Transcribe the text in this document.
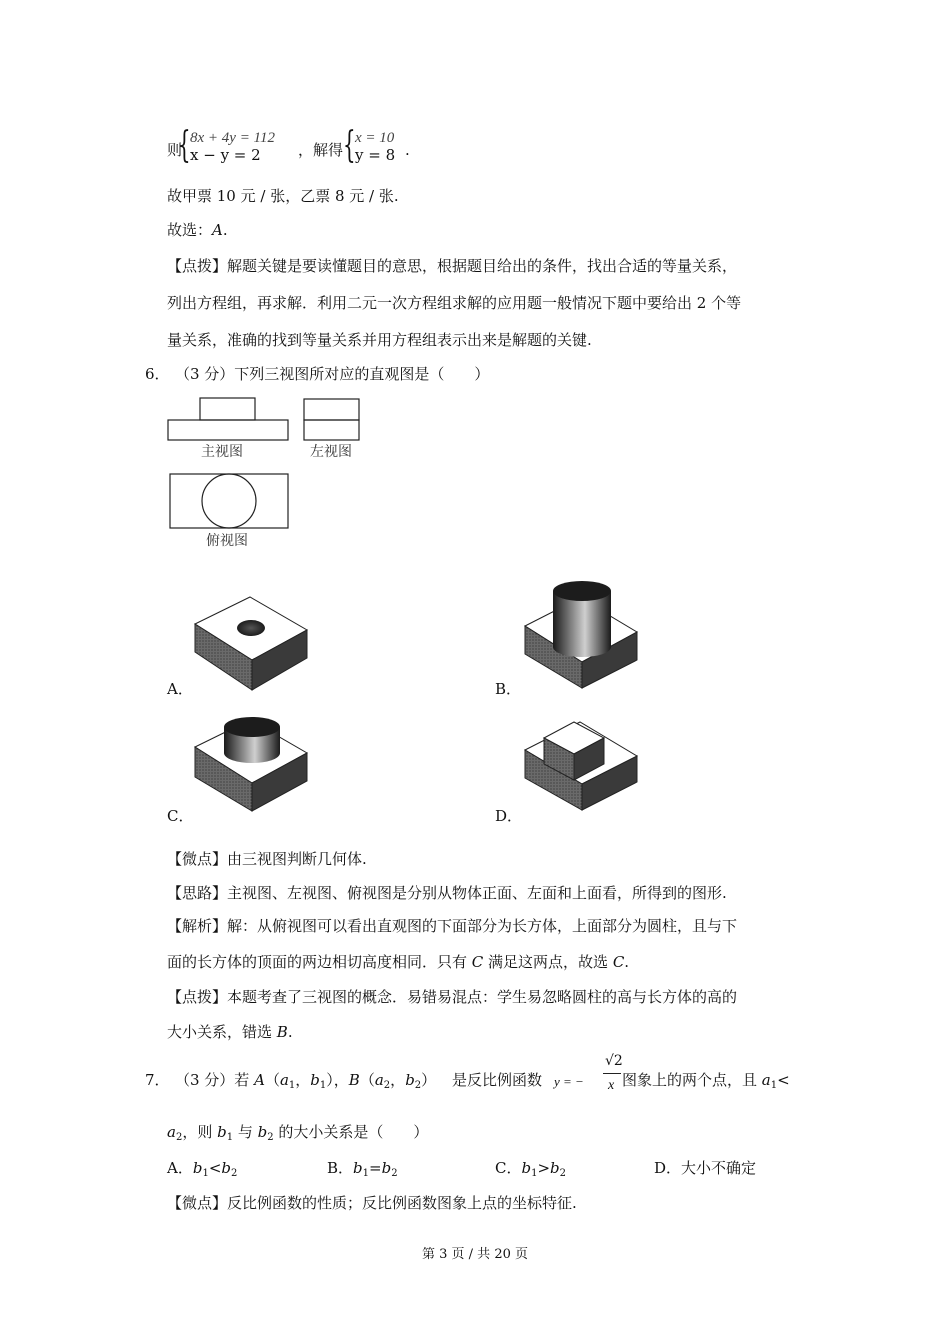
则
{ 8x + 4y = 112
x − y = 2 ，解得 { x = 10
y = 8 .
故甲票 10 元 / 张，乙票 8 元 / 张.
故选：A.
【点拨】解题关键是要读懂题目的意思，根据题目给出的条件，找出合适的等量关系，
列出方程组，再求解．利用二元一次方程组求解的应用题一般情况下题中要给出 2 个等
量关系，准确的找到等量关系并用方程组表示出来是解题的关键.
6． （3 分）下列三视图所对应的直观图是（　　）
主视图	左视图
俯视图
A．	B．
C．	D．
【微点】由三视图判断几何体.
【思路】主视图、左视图、俯视图是分别从物体正面、左面和上面看，所得到的图形.
【解析】解：从俯视图可以看出直观图的下面部分为长方体，上面部分为圆柱，且与下
面的长方体的顶面的两边相切高度相同．只有 C 满足这两点，故选 C.
【点拨】本题考查了三视图的概念．易错易混点：学生易忽略圆柱的高与长方体的高的
大小关系，错选 B.
7． （3 分）若 $A(a_1$，$b_1$），$B(a_2$，$b_2$） 是反比例函数 y = −
√2
x 图象上的两个点，且 $a_1<$
$a_2$，则 $b_1$ 与 $b_2$ 的大小关系是（　　）
A．$b_1<b_2$	B．$b_1=b_2$	C．$b_1>b_2$	D．大小不确定
【微点】反比例函数的性质；反比例函数图象上点的坐标特征.
第 3 页 / 共 20 页
